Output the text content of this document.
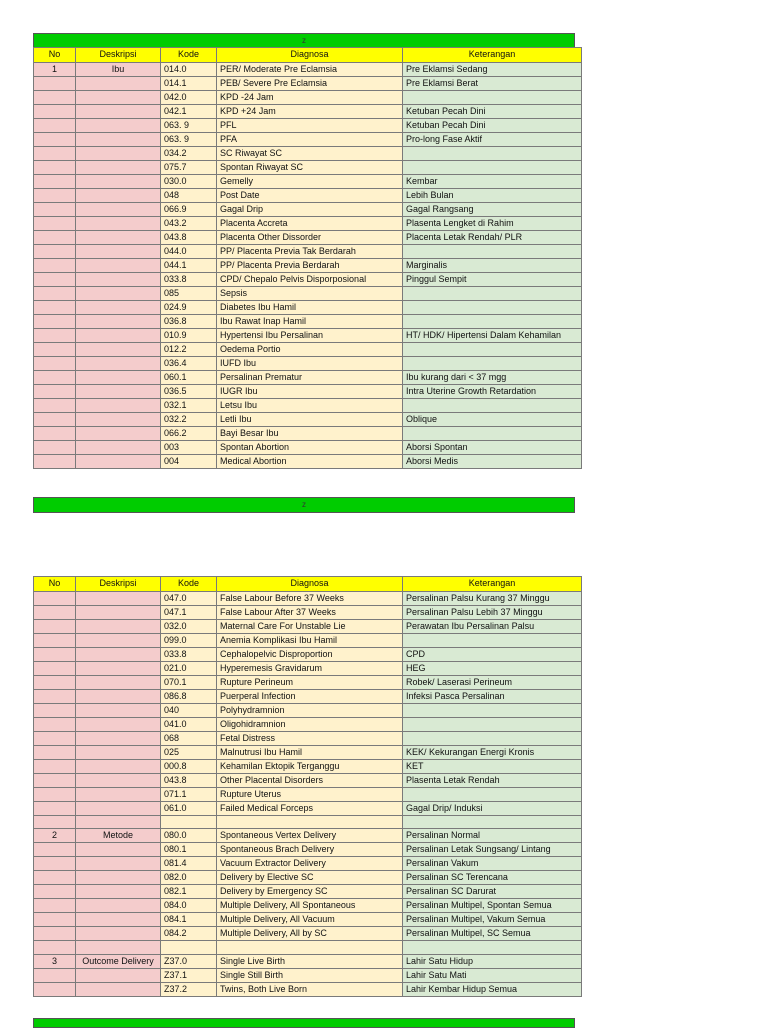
z
No	Deskripsi	Kode	Diagnosa	Keterangan
1	Ibu	014.0	PER/ Moderate Pre Eclamsia	Pre Eklamsi Sedang
		014.1	PEB/ Severe Pre Eclamsia	Pre Eklamsi Berat
		042.0	KPD -24 Jam	
		042.1	KPD +24 Jam	Ketuban Pecah Dini
		063. 9	PFL	Ketuban Pecah Dini
		063. 9	PFA	Pro-long Fase Aktif
		034.2	SC Riwayat SC	
		075.7	Spontan Riwayat SC	
		030.0	Gemelly	Kembar
		048	Post Date	Lebih Bulan
		066.9	Gagal Drip	Gagal Rangsang
		043.2	Placenta Accreta	Plasenta Lengket di Rahim
		043.8	Placenta Other Dissorder	Placenta Letak Rendah/ PLR
		044.0	PP/ Placenta Previa Tak Berdarah	
		044.1	PP/ Placenta Previa Berdarah	Marginalis
		033.8	CPD/ Chepalo Pelvis Disporposional	Pinggul Sempit
		085	Sepsis	
		024.9	Diabetes Ibu Hamil	
		036.8	Ibu Rawat Inap Hamil	
		010.9	Hypertensi Ibu Persalinan	HT/ HDK/ Hipertensi Dalam Kehamilan
		012.2	Oedema Portio	
		036.4	IUFD Ibu	
		060.1	Persalinan Prematur	Ibu kurang dari < 37 mgg
		036.5	IUGR Ibu	Intra Uterine Growth Retardation
		032.1	Letsu Ibu	
		032.2	Letli Ibu	Oblique
		066.2	Bayi Besar Ibu	
		003	Spontan Abortion	Aborsi Spontan
		004	Medical Abortion	Aborsi Medis
z
No	Deskripsi	Kode	Diagnosa	Keterangan
		047.0	False Labour Before 37 Weeks	Persalinan Palsu Kurang 37 Minggu
		047.1	False Labour After 37 Weeks	Persalinan Palsu Lebih 37 Minggu
		032.0	Maternal Care For Unstable Lie	Perawatan Ibu Persalinan Palsu
		099.0	Anemia Komplikasi Ibu Hamil	
		033.8	Cephalopelvic Disproportion	CPD
		021.0	Hyperemesis Gravidarum	HEG
		070.1	Rupture Perineum	Robek/ Laserasi Perineum
		086.8	Puerperal Infection	Infeksi Pasca Persalinan
		040	Polyhydramnion	
		041.0	Oligohidramnion	
		068	Fetal Distress	
		025	Malnutrusi Ibu Hamil	KEK/ Kekurangan Energi Kronis
		000.8	Kehamilan Ektopik Terganggu	KET
		043.8	Other Placental Disorders	Plasenta Letak Rendah
		071.1	Rupture Uterus	
		061.0	Failed Medical Forceps	Gagal Drip/ Induksi

2	Metode	080.0	Spontaneous Vertex Delivery	Persalinan Normal
		080.1	Spontaneous Brach Delivery	Persalinan Letak Sungsang/ Lintang
		081.4	Vacuum Extractor Delivery	Persalinan Vakum
		082.0	Delivery by Elective SC	Persalinan SC Terencana
		082.1	Delivery by Emergency SC	Persalinan SC Darurat
		084.0	Multiple Delivery, All Spontaneous	Persalinan Multipel, Spontan Semua
		084.1	Multiple Delivery, All Vacuum	Persalinan Multipel, Vakum Semua
		084.2	Multiple Delivery, All by SC	Persalinan Multipel, SC Semua

3	Outcome Delivery	Z37.0	Single Live Birth	Lahir Satu Hidup
		Z37.1	Single Still Birth	Lahir Satu Mati
		Z37.2	Twins, Both Live Born	Lahir Kembar Hidup Semua
